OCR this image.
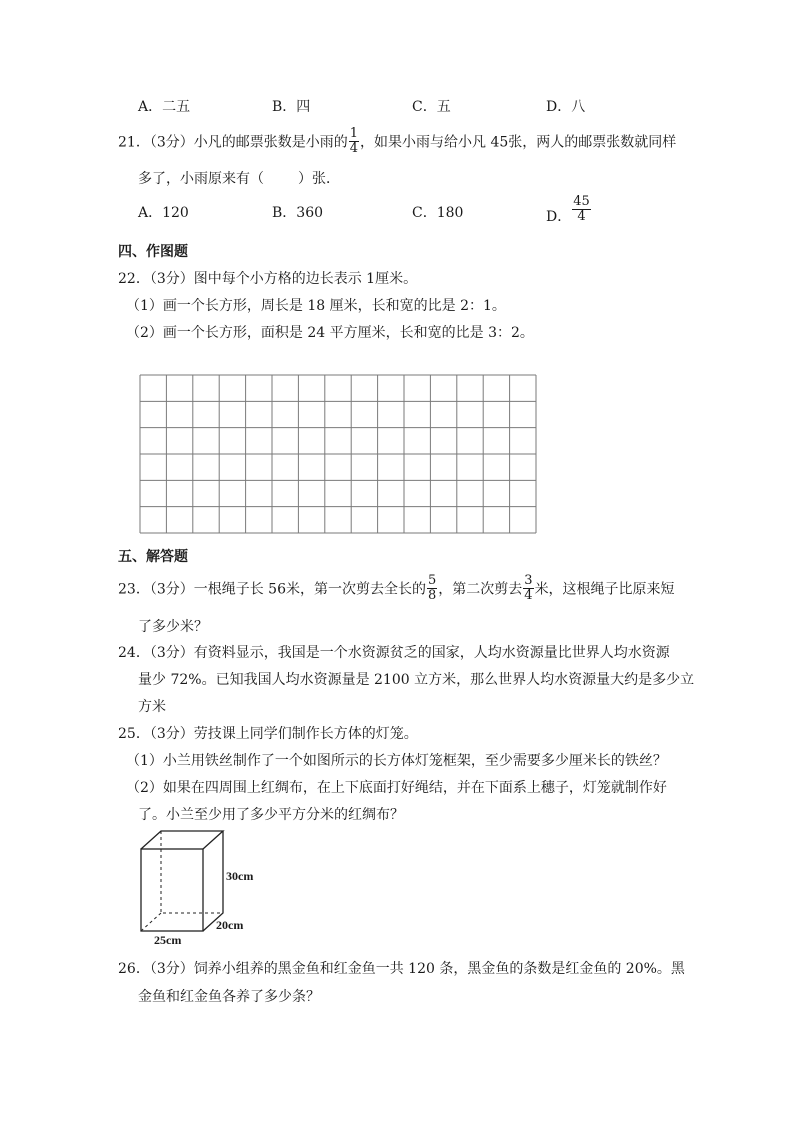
A．二五	B．四	C．五	D．八
21．（3分）小凡的邮票张数是小雨的 $\frac{1}{4}$ ，如果小雨与给小凡 45张，两人的邮票张数就同样
多了，小雨原来有（ ）张．
A．120	B．360	C．180	D． $\frac{45}{4}$
四、作图题
22．（3分）图中每个小方格的边长表示 1厘米。
（1）画一个长方形，周长是 18 厘米，长和宽的比是 2：1。
（2）画一个长方形，面积是 24 平方厘米，长和宽的比是 3：2。
五、解答题
23．（3分）一根绳子长 56米，第一次剪去全长的 $\frac{5}{8}$ ，第二次剪去 $\frac{3}{4}$ 米，这根绳子比原来短
了多少米？
24．（3分）有资料显示，我国是一个水资源贫乏的国家，人均水资源量比世界人均水资源
量少 72%。已知我国人均水资源量是 2100 立方米，那么世界人均水资源量大约是多少立
方米
25．（3分）劳技课上同学们制作长方体的灯笼。
（1）小兰用铁丝制作了一个如图所示的长方体灯笼框架，至少需要多少厘米长的铁丝？
（2）如果在四周围上红绸布，在上下底面打好绳结，并在下面系上穗子，灯笼就制作好
了。小兰至少用了多少平方分米的红绸布？
30cm
20cm
25cm
26．（3分）饲养小组养的黑金鱼和红金鱼一共 120 条，黑金鱼的条数是红金鱼的 20%。黑
金鱼和红金鱼各养了多少条？
